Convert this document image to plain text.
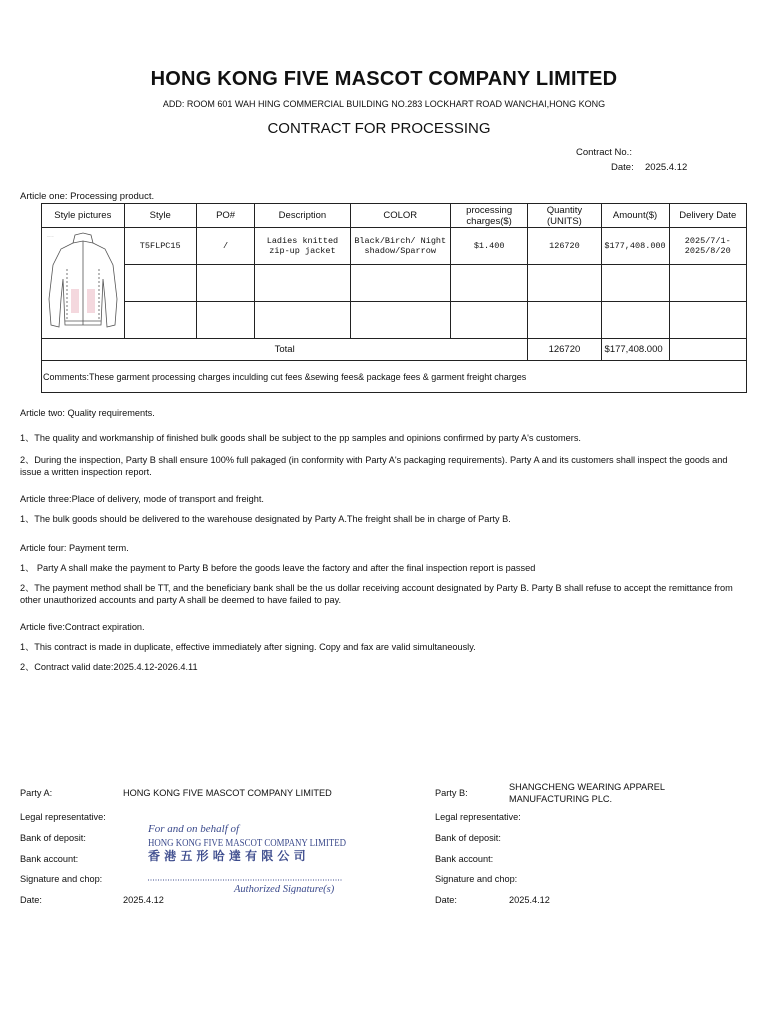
HONG KONG FIVE MASCOT COMPANY LIMITED
ADD: ROOM 601 WAH HING COMMERCIAL BUILDING NO.283 LOCKHART ROAD WANCHAI,HONG KONG
CONTRACT FOR PROCESSING
Contract No.:
Date: 2025.4.12
Article one: Processing product.
Style pictures	Style	PO#	Description	COLOR	processing charges($)	Quantity (UNITS)	Amount($)	Delivery Date

......	T5FLPC15	/	Ladies knitted zip-up jacket	Black/Birch/ Night shadow/Sparrow	$1.400	126720	$177,408.000	2025/7/1- 2025/8/20

Total						126720	$177,408.000	
Comments:These garment processing charges inculding cut fees &sewing fees& package fees & garment freight charges								
Article two: Quality requirements.
1、The quality and workmanship of finished bulk goods shall be subject to the pp samples and opinions confirmed by party A's customers.
2、During the inspection, Party B shall ensure 100% full pakaged (in conformity with Party A's packaging requirements). Party A and its customers shall inspect the goods and issue a written inspection report.
Article three:Place of delivery, mode of transport and freight.
1、The bulk goods should be delivered to the warehouse designated by Party A.The freight shall be in charge of Party B.
Article four: Payment term.
1、 Party A shall make the payment to Party B before the goods leave the factory and after the final inspection report is passed
2、The payment method shall be TT, and the beneficiary bank shall be the us dollar receiving account designated by Party B. Party B shall refuse to accept the remittance from other unauthorized accounts and party A shall be deemed to have failed to pay.
Article five:Contract expiration.
1、This contract is made in duplicate, effective immediately after signing. Copy and fax are valid simultaneously.
2、Contract valid date:2025.4.12-2026.4.11
Party A:	HONG KONG FIVE MASCOT COMPANY LIMITED
Legal representative:
Bank of deposit:
Bank account:
Signature and chop:
Date:	2025.4.12
For and on behalf of
HONG KONG FIVE MASCOT COMPANY LIMITED
香 港 五 形 哈 達 有 限 公 司
Authorized Signature(s)
Party B:
SHANGCHENG WEARING APPAREL
MANUFACTURING PLC.
Legal representative:
Bank of deposit:
Bank account:
Signature and chop:
Date:	2025.4.12
